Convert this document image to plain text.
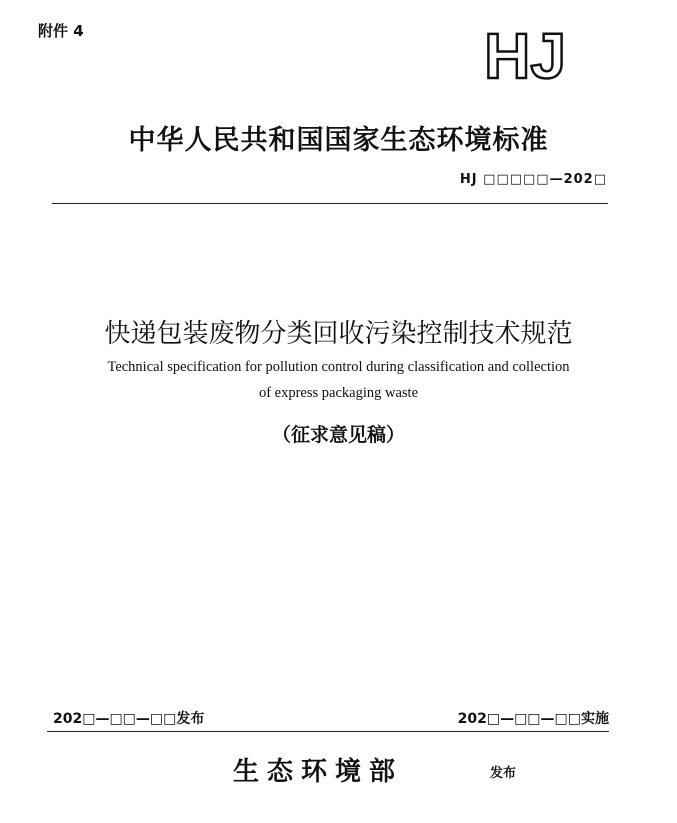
附件 4	HJ
中华人民共和国国家生态环境标准
HJ □□□□□—202□
快递包装废物分类回收污染控制技术规范
Technical specification for pollution control during classification and collection
of express packaging waste
（征求意见稿）
202□—□□—□□发布	202□—□□—□□实施
生态环境部	发布
